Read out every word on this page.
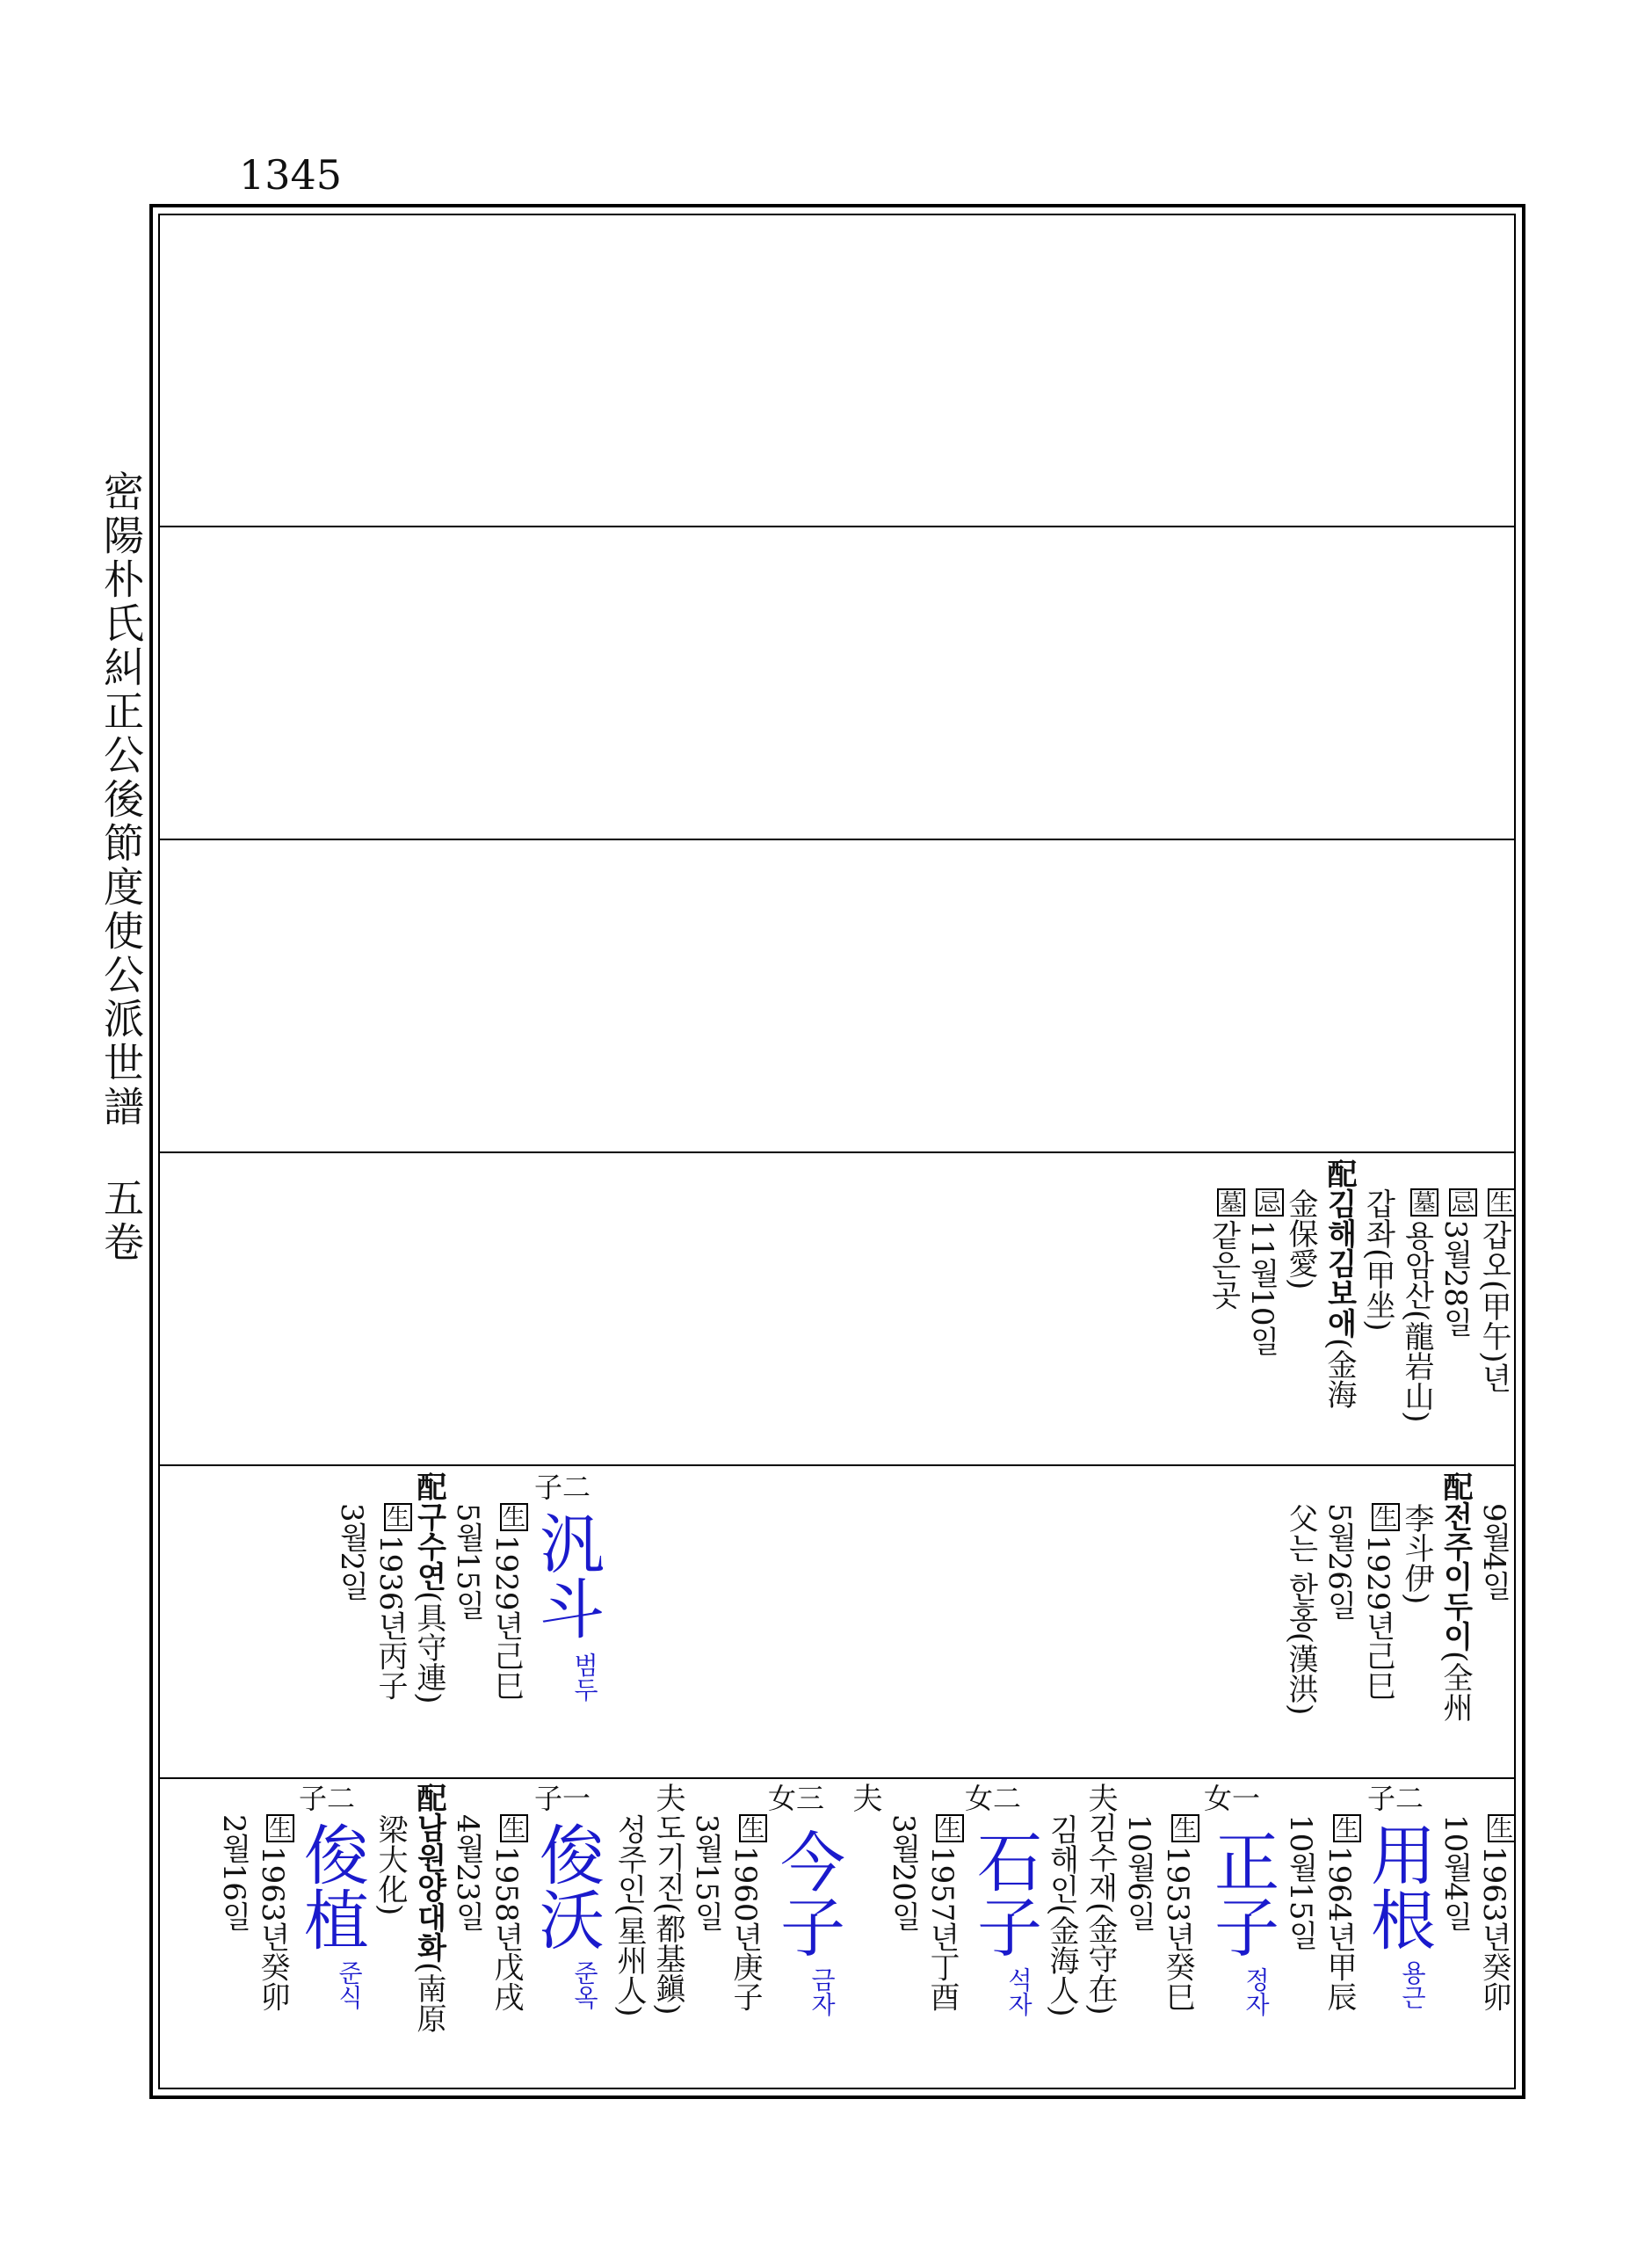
1345
密陽朴氏糾正公後節度使公派世譜五卷	生갑오(甲午)년
忌3월28일
墓용암산(龍岩山)
갑좌(甲坐)
配김해김보애(金海
金保愛)
忌11월10일
墓같은곳
9월4일
配전주이두이(全州
李斗伊)
生1929년己巳
5월26일
父는 한홍(漢洪)
子二
汎斗
범두
生1929년己巳
5월15일
配구수연(具守連)
生1936년丙子
3월2일
生1963년癸卯
10월4일
子二
用根
용근
生1964년甲辰
10월15일
女一
正子
정자
生1953년癸巳
10월6일
夫김수재(金守在)
김해인(金海人)
女二
石子
석자
生1957년丁酉
3월20일
夫
女三
今子
금자
生1960년庚子
3월15일
夫도기진(都基鎭)
성주인(星州人)
子一
俊沃
준옥
生1958년戊戌
4월23일
配남원양대화(南原
梁大化)
子二
俊植
준식
生1963년癸卯
2월16일
